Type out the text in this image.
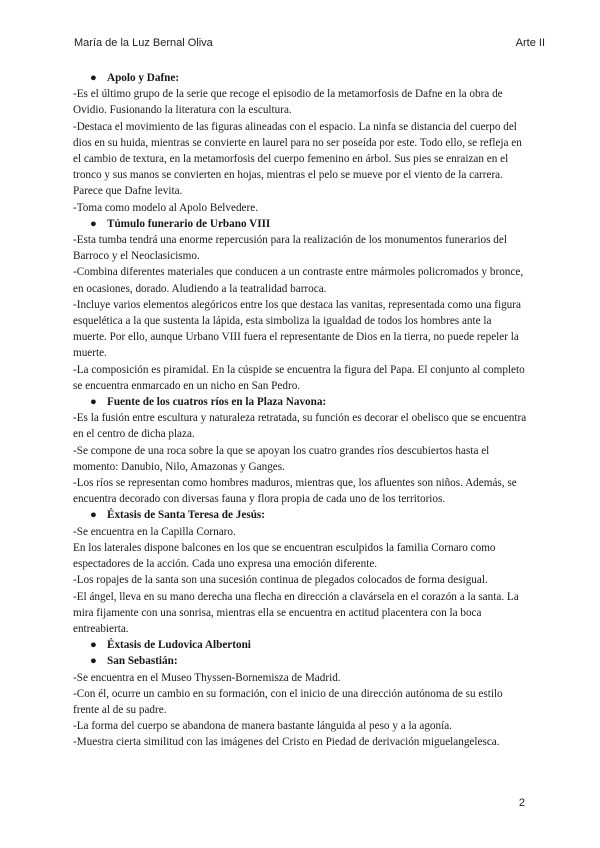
María de la Luz Bernal Oliva	Arte II
● Apolo y Dafne:

-Es el último grupo de la serie que recoge el episodio de la metamorfosis de Dafne en la obra de Ovidio. Fusionando la literatura con la escultura.

-Destaca el movimiento de las figuras alineadas con el espacio. La ninfa se distancia del cuerpo del dios en su huida, mientras se convierte en laurel para no ser poseída por este. Todo ello, se refleja en el cambio de textura, en la metamorfosis del cuerpo femenino en árbol. Sus pies se enraizan en el tronco y sus manos se convierten en hojas, mientras el pelo se mueve por el viento de la carrera. Parece que Dafne levita.

-Toma como modelo al Apolo Belvedere.

● Túmulo funerario de Urbano VIII

-Esta tumba tendrá una enorme repercusión para la realización de los monumentos funerarios del Barroco y el Neoclasicismo.

-Combina diferentes materiales que conducen a un contraste entre mármoles policromados y bronce, en ocasiones, dorado. Aludiendo a la teatralidad barroca.

-Incluye varios elementos alegóricos entre los que destaca las vanitas, representada como una figura esquelética a la que sustenta la lápida, esta simboliza la igualdad de todos los hombres ante la muerte. Por ello, aunque Urbano VIII fuera el representante de Dios en la tierra, no puede repeler la muerte.

-La composición es piramidal. En la cúspide se encuentra la figura del Papa. El conjunto al completo se encuentra enmarcado en un nicho en San Pedro.

● Fuente de los cuatros ríos en la Plaza Navona:

-Es la fusión entre escultura y naturaleza retratada, su función es decorar el obelisco que se encuentra en el centro de dicha plaza.

-Se compone de una roca sobre la que se apoyan los cuatro grandes ríos descubiertos hasta el momento: Danubio, Nilo, Amazonas y Ganges.

-Los ríos se representan como hombres maduros, mientras que, los afluentes son niños. Además, se encuentra decorado con diversas fauna y flora propia de cada uno de los territorios.

● Éxtasis de Santa Teresa de Jesús:

-Se encuentra en la Capilla Cornaro.

En los laterales dispone balcones en los que se encuentran esculpidos la familia Cornaro como espectadores de la acción. Cada uno expresa una emoción diferente.

-Los ropajes de la santa son una sucesión continua de plegados colocados de forma desigual.

-El ángel, lleva en su mano derecha una flecha en dirección a clavársela en el corazón a la santa. La mira fijamente con una sonrisa, mientras ella se encuentra en actitud placentera con la boca entreabierta.

● Éxtasis de Ludovica Albertoni
● San Sebastián:

-Se encuentra en el Museo Thyssen-Bornemisza de Madrid.

-Con él, ocurre un cambio en su formación, con el inicio de una dirección autónoma de su estilo frente al de su padre.

-La forma del cuerpo se abandona de manera bastante lánguida al peso y a la agonía.

-Muestra cierta similitud con las imágenes del Cristo en Piedad de derivación miguelangelesca.

2
